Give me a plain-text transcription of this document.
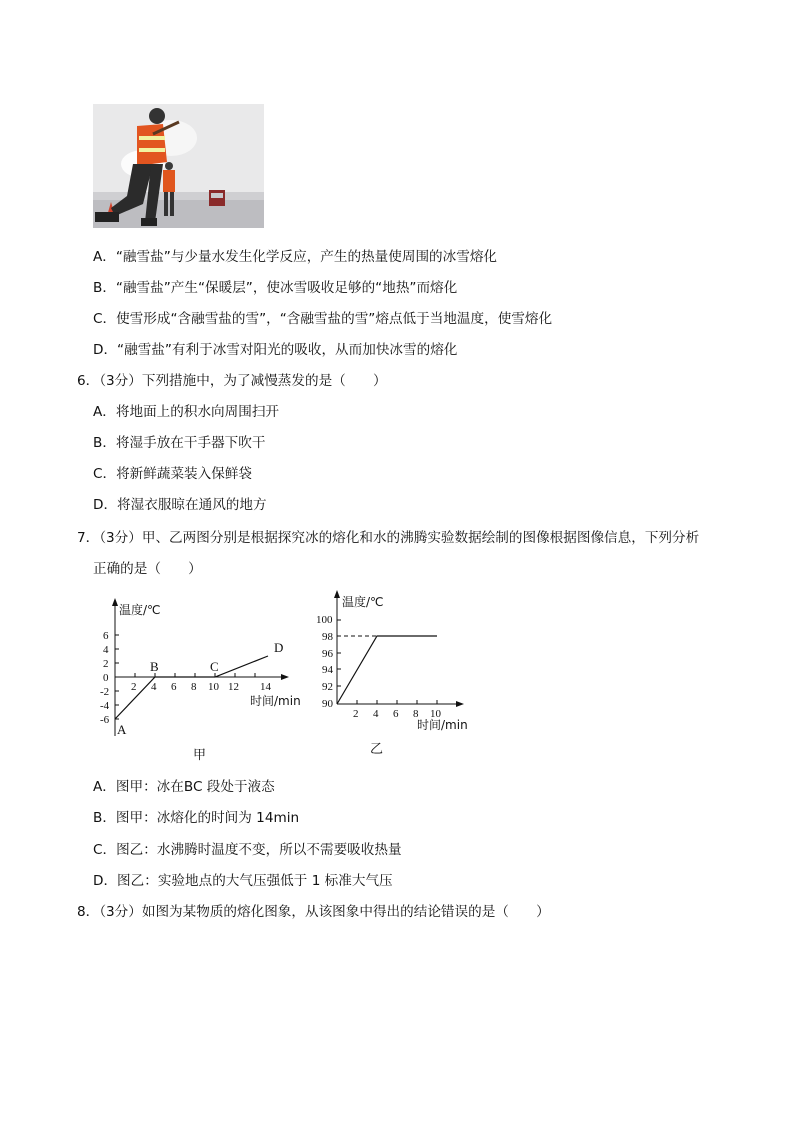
A．“融雪盐”与少量水发生化学反应，产生的热量使周围的冰雪熔化
B．“融雪盐”产生“保暖层”，使冰雪吸收足够的“地热”而熔化
C．使雪形成“含融雪盐的雪”，“含融雪盐的雪”熔点低于当地温度，使雪熔化
D．“融雪盐”有利于冰雪对阳光的吸收，从而加快冰雪的熔化
6．（3分）下列措施中，为了减慢蒸发的是（　　）
A．将地面上的积水向周围扫开
B．将湿手放在干手器下吹干
C．将新鲜蔬菜装入保鲜袋
D．将湿衣服晾在通风的地方
7．（3分）甲、乙两图分别是根据探究冰的熔化和水的沸腾实验数据绘制的图像根据图像信息，下列分析
正确的是（　　）
6
4
2
0
-2
-4
-6
2 4 6 8 10 12 14
温度/℃
时间/min
A
B	C
D
甲
100
98
96
94
92
90
2 4 6 8 10
温度/℃
时间/min
乙
A．图甲：冰在BC 段处于液态
B．图甲：冰熔化的时间为 14min
C．图乙：水沸腾时温度不变，所以不需要吸收热量
D．图乙：实验地点的大气压强低于 1 标准大气压
8．（3分）如图为某物质的熔化图象，从该图象中得出的结论错误的是（　　）
